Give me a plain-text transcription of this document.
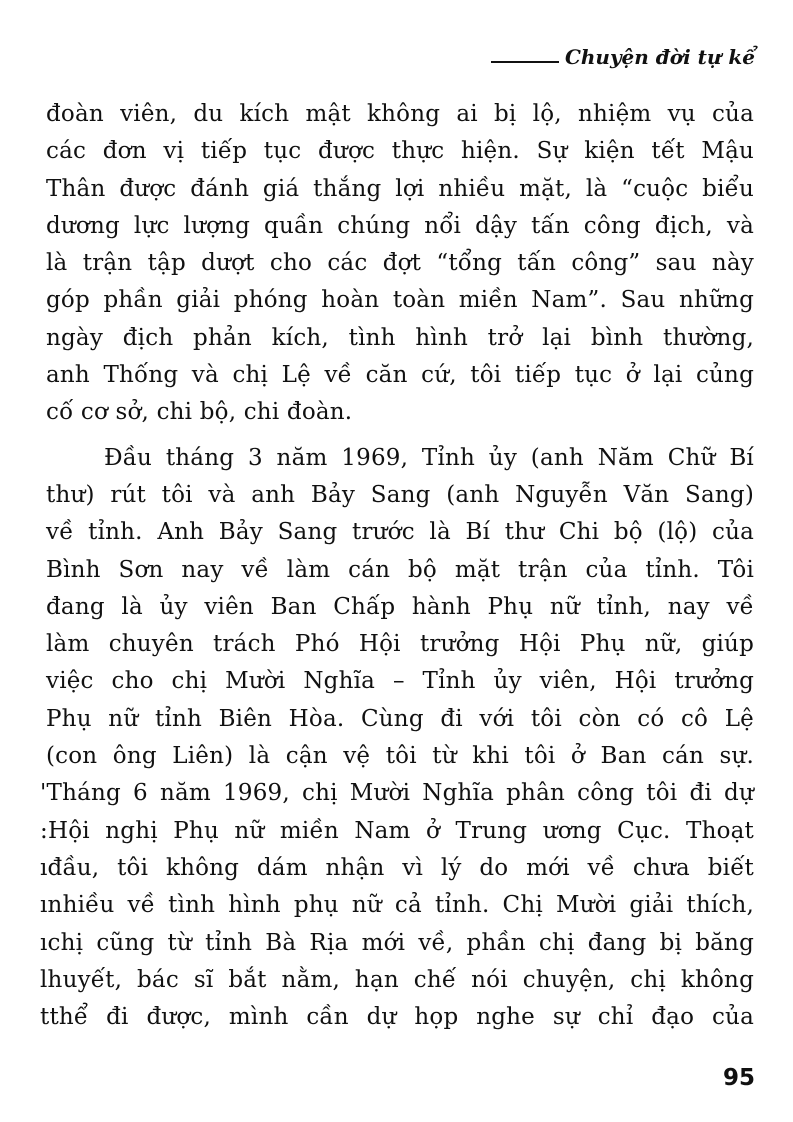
Chuyện đời tự kể
đoàn viên, du kích mật không ai bị lộ, nhiệm vụ của
các đơn vị tiếp tục được thực hiện. Sự kiện tết Mậu
Thân được đánh giá thắng lợi nhiều mặt, là “cuộc biểu
dương lực lượng quần chúng nổi dậy tấn công địch, và
là trận tập dượt cho các đợt “tổng tấn công” sau này
góp phần giải phóng hoàn toàn miền Nam”. Sau những
ngày địch phản kích, tình hình trở lại bình thường,
anh Thống và chị Lệ về căn cứ, tôi tiếp tục ở lại củng
cố cơ sở, chi bộ, chi đoàn.
Đầu tháng 3 năm 1969, Tỉnh ủy (anh Năm Chữ Bí
thư) rút tôi và anh Bảy Sang (anh Nguyễn Văn Sang)
về tỉnh. Anh Bảy Sang trước là Bí thư Chi bộ (lộ) của
Bình Sơn nay về làm cán bộ mặt trận của tỉnh. Tôi
đang là ủy viên Ban Chấp hành Phụ nữ tỉnh, nay về
làm chuyên trách Phó Hội trưởng Hội Phụ nữ, giúp
việc cho chị Mười Nghĩa – Tỉnh ủy viên, Hội trưởng
Phụ nữ tỉnh Biên Hòa. Cùng đi với tôi còn có cô Lệ
(con ông Liên) là cận vệ tôi từ khi tôi ở Ban cán sự.
'Tháng 6 năm 1969, chị Mười Nghĩa phân công tôi đi dự
:Hội nghị Phụ nữ miền Nam ở Trung ương Cục. Thoạt
ıđầu, tôi không dám nhận vì lý do mới về chưa biết
ınhiều về tình hình phụ nữ cả tỉnh. Chị Mười giải thích,
ıchị cũng từ tỉnh Bà Rịa mới về, phần chị đang bị băng
lhuyết, bác sĩ bắt nằm, hạn chế nói chuyện, chị không
tthể đi được, mình cần dự họp nghe sự chỉ đạo của
95
